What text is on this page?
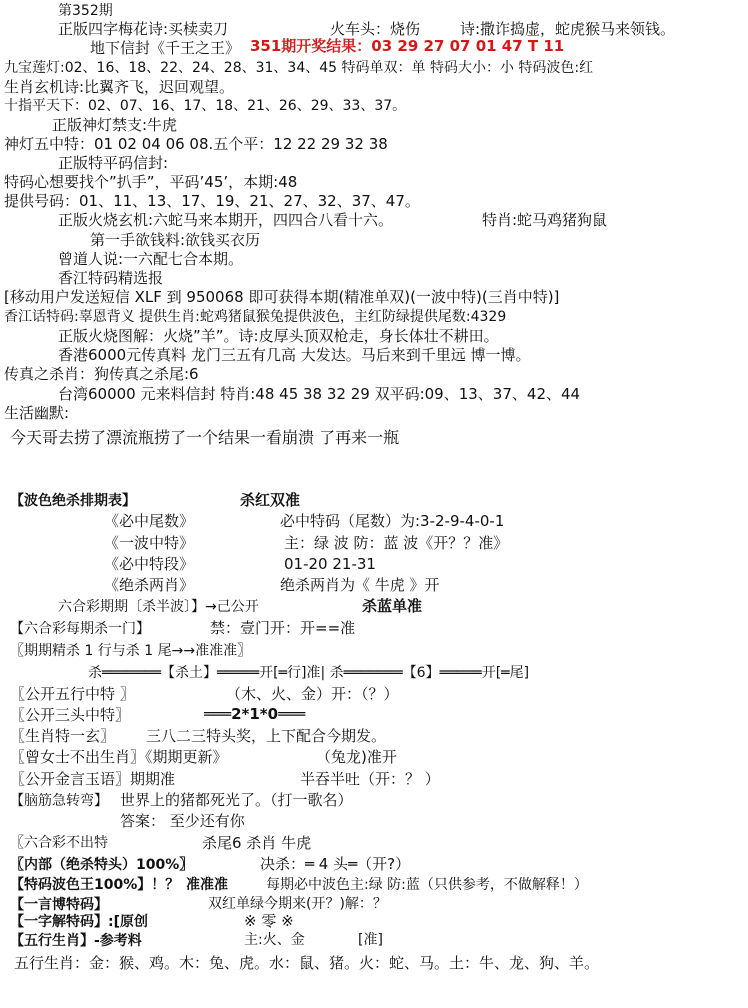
第352期
正版四字梅花诗:买椟卖刀	火车头：烧伤	诗:撒诈捣虚，蛇虎猴马来领钱。
地下信封《千王之王》 351期开奖结果：03 29 27 07 01 47 T 11
九宝莲灯:02、16、18、22、24、28、31、34、45 特码单双：单 特码大小：小 特码波色:红
生肖玄机诗:比翼齐飞，迟回观望。
十指平天下：02、07、16、17、18、21、26、29、33、37。
正版神灯禁支:牛虎
神灯五中特：01 02 04 06 08.五个平：12 22 29 32 38
正版特平码信封:
特码心想要找个”扒手”，平码’45’，本期:48
提供号码：01、11、13、17、19、21、27、32、37、47。
正版火烧玄机:六蛇马来本期开，四四合八看十六。	特肖:蛇马鸡猪狗鼠
第一手欲钱料:欲钱买衣历
曾道人说:一六配七合本期。
香江特码精选报
[移动用户发送短信 XLF 到 950068 即可获得本期(精准单双)(一波中特)(三肖中特)]
香江话特码:辜恩背义 提供生肖:蛇鸡猪鼠猴兔提供波色，主红防绿提供尾数:4329
正版火烧图解：火烧”羊”。诗:皮厚头顶双枪走，身长体壮不耕田。
香港6000元传真料 龙门三五有几高 大发达。马后来到千里远 博一博。
传真之杀肖：狗传真之杀尾:6
台湾60000 元来料信封 特肖:48 45 38 32 29 双平码:09、13、37、42、44
生活幽默:
今天哥去捞了漂流瓶捞了一个结果一看崩溃 了再来一瓶
【波色绝杀排期表】	杀红双准
《必中尾数》	必中特码（尾数）为:3-2-9-4-0-1
《一波中特》	主：绿 波 防：蓝 波《开？？准》
《必中特段》	01-20 21-31
《绝杀两肖》	绝杀两肖为《 牛虎 》开
六合彩期期〔杀半波〕】→己公开	杀蓝单准
【六合彩每期杀一门】	禁：壹门开：开==准
〖期期精杀 1 行与杀 1 尾→→准准准〗
杀═══════【杀土】═════开[═行]准| 杀═══════【6】═════开[═尾]
〖公开五行中特 〗	（木、火、金）开：（？）
〖公开三头中特〗	═══2*1*0═══
〖生肖特一玄〗 三八二三特头奖，上下配合今期发。
〖曾女士不出生肖〗《期期更新》	（兔龙)准开
〖公开金言玉语〗期期准	半吞半吐（开：？ ）
【脑筋急转弯】 世界上的猪都死光了。（打一歌名）
答案： 至少还有你
〖六合彩不出特	杀尾6 杀肖 牛虎
〖内部（绝杀特头）100%〗	决杀：═ 4 头═（开?）
【特码波色王100%】！？ 准准准	每期必中波色主:绿 防:蓝（只供参考，不做解释！）
【一言博特码】	双红单绿今期来(开？)解：？
【一字解特码】:[原创	※ 零 ※
【五行生肖】-参考料	主:火、金	[准]
五行生肖：金：猴、鸡。木：兔、虎。水：鼠、猪。火：蛇、马。土：牛、龙、狗、羊。
